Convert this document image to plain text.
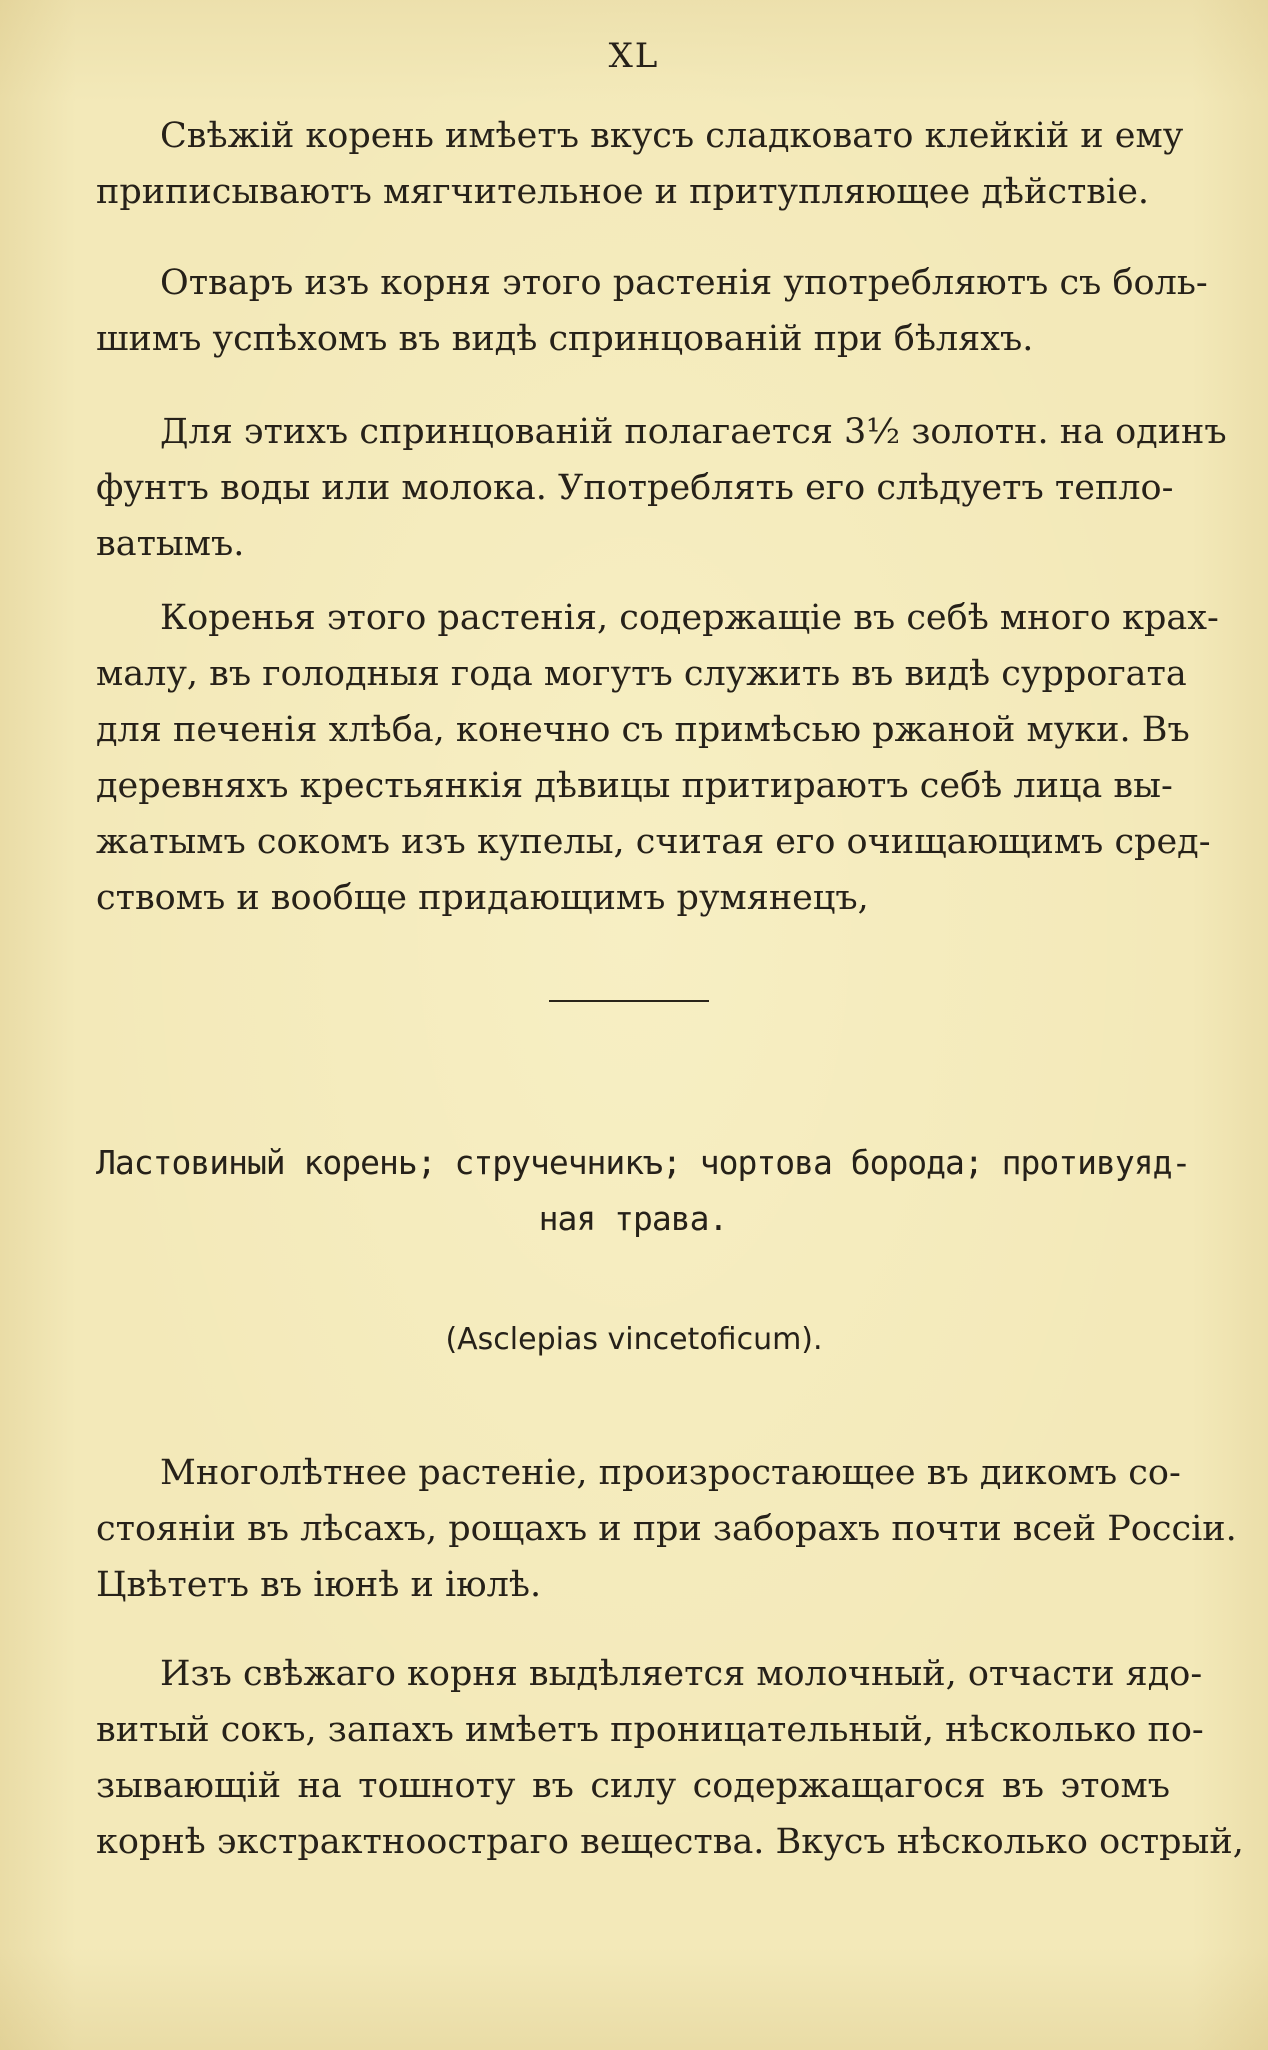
XL
Свѣжій корень имѣетъ вкусъ сладковато клейкій и ему
приписываютъ мягчительное и притупляющее дѣйствіе.
Отваръ изъ корня этого растенія употребляютъ съ боль-
шимъ успѣхомъ въ видѣ спринцованій при бѣляхъ.
Для этихъ спринцованій полагается 3½ золотн. на одинъ
фунтъ воды или молока. Употреблять его слѣдуетъ тепло-
ватымъ.
Коренья этого растенія, содержащіе въ себѣ много крах-
малу, въ голодныя года могутъ служить въ видѣ суррогата
для печенія хлѣба, конечно съ примѣсью ржаной муки. Въ
деревняхъ крестьянкія дѣвицы притираютъ себѣ лица вы-
жатымъ сокомъ изъ купелы, считая его очищающимъ сред-
ствомъ и вообще придающимъ румянецъ,
Ластовиный корень; стручечникъ; чортова борода; противуяд-
ная трава.
(Asclepias vincetoficum).
Многолѣтнее растеніе, произростающее въ дикомъ со-
стояніи въ лѣсахъ, рощахъ и при заборахъ почти всей Россіи.
Цвѣтетъ въ іюнѣ и іюлѣ.
Изъ свѣжаго корня выдѣляется молочный, отчасти ядо-
витый сокъ, запахъ имѣетъ проницательный, нѣсколько по-
зывающій на тошноту въ силу содержащагося въ этомъ
корнѣ экстрактноостраго вещества. Вкусъ нѣсколько острый,
